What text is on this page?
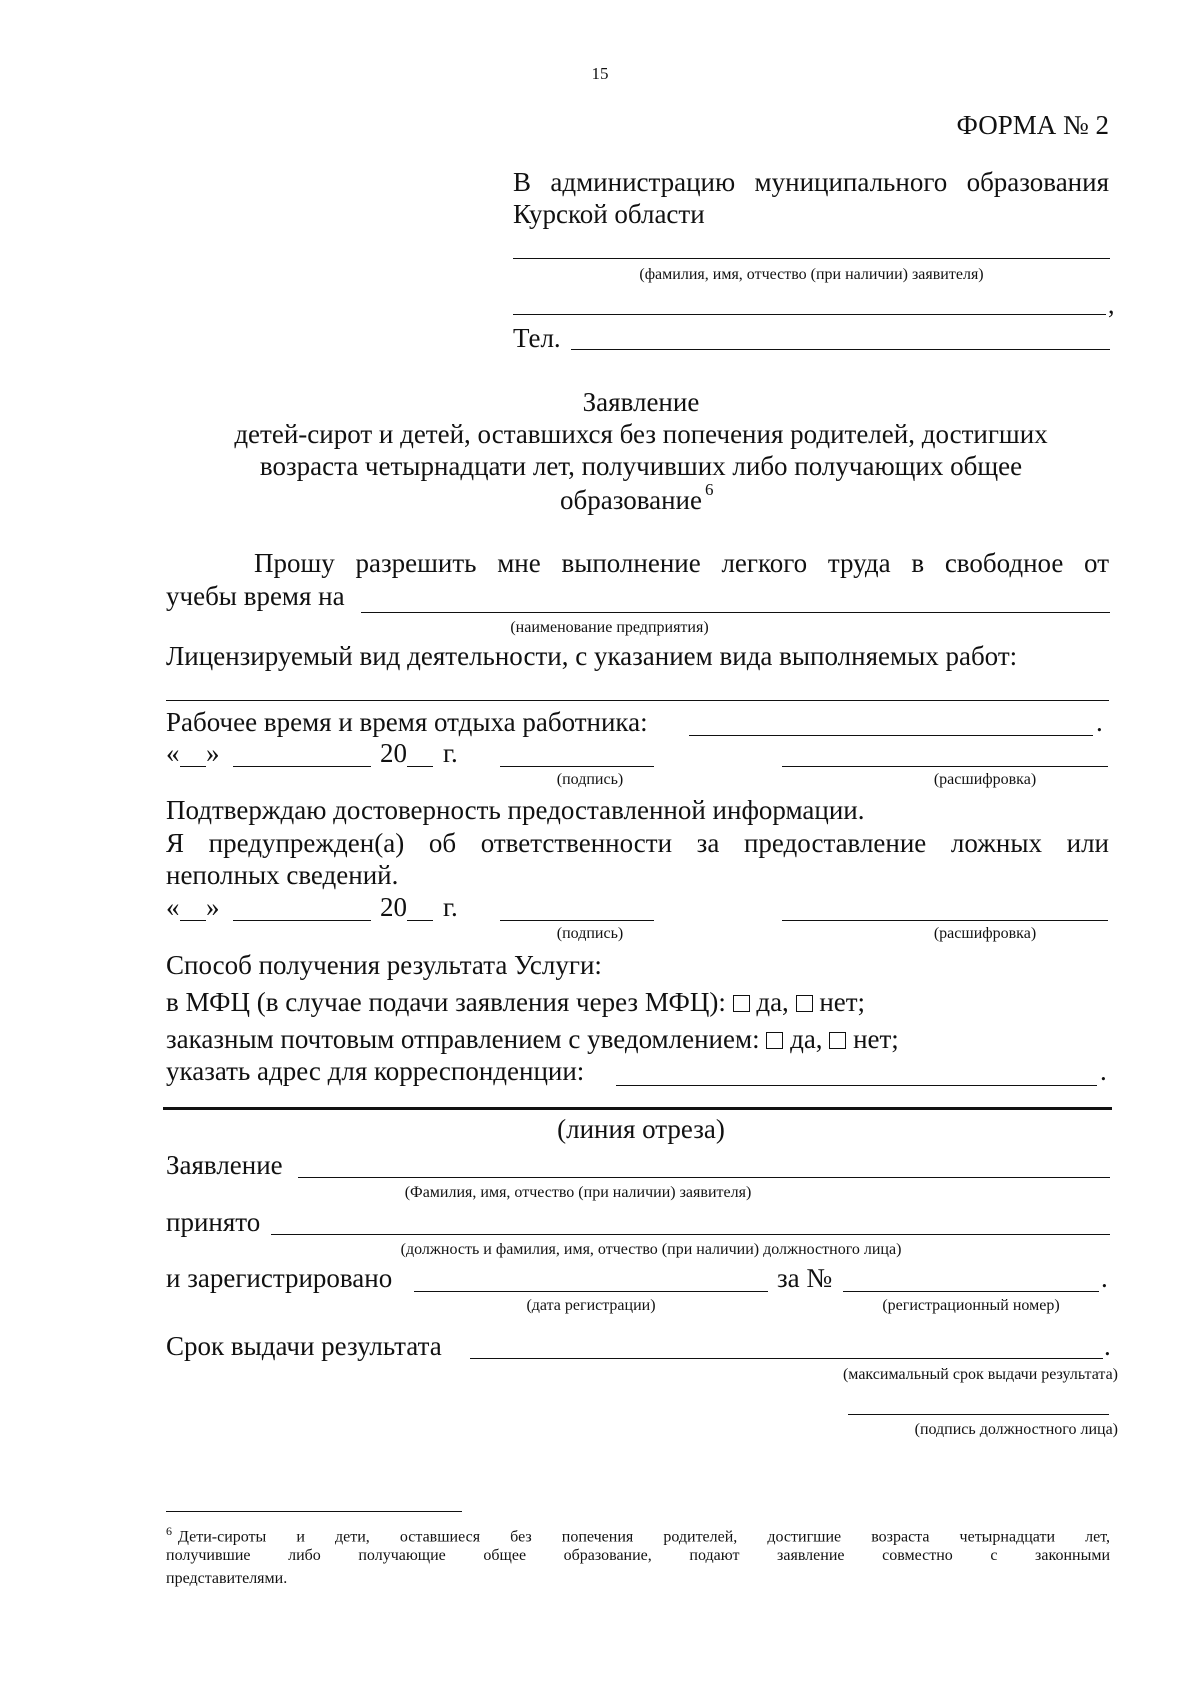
15
ФОРМА № 2
В администрацию муниципального образования
Курской области
(фамилия, имя, отчество (при наличии) заявителя)
,
Тел.
Заявление
детей-сирот и детей, оставшихся без попечения родителей, достигших
возраста четырнадцати лет, получивших либо получающих общее
образование $^6$
Прошу разрешить мне выполнение легкого труда в свободное от
учебы время на
(наименование предприятия)
Лицензируемый вид деятельности, с указанием вида выполняемых работ:
Рабочее время и время отдыха работника:	.
« »	20 г.
(подпись)	(расшифровка)
Подтверждаю достоверность предоставленной информации.
Я предупрежден(а) об ответственности за предоставление ложных или
неполных сведений.
« »	20 г.
(подпись)	(расшифровка)
Способ получения результата Услуги:
в МФЦ (в случае подачи заявления через МФЦ): да, нет;
заказным почтовым отправлением с уведомлением: да, нет;
указать адрес для корреспонденции:	.
(линия отреза)
Заявление
(Фамилия, имя, отчество (при наличии) заявителя)
принято
(должность и фамилия, имя, отчество (при наличии) должностного лица)
и зарегистрировано	за №	.
(дата регистрации)	(регистрационный номер)
Срок выдачи результата	.
(максимальный срок выдачи результата)
(подпись должностного лица)
$^6$ Дети-сироты и дети, оставшиеся без попечения родителей, достигшие возраста четырнадцати лет,
получившие либо получающие общее образование, подают заявление совместно с законными
представителями.
